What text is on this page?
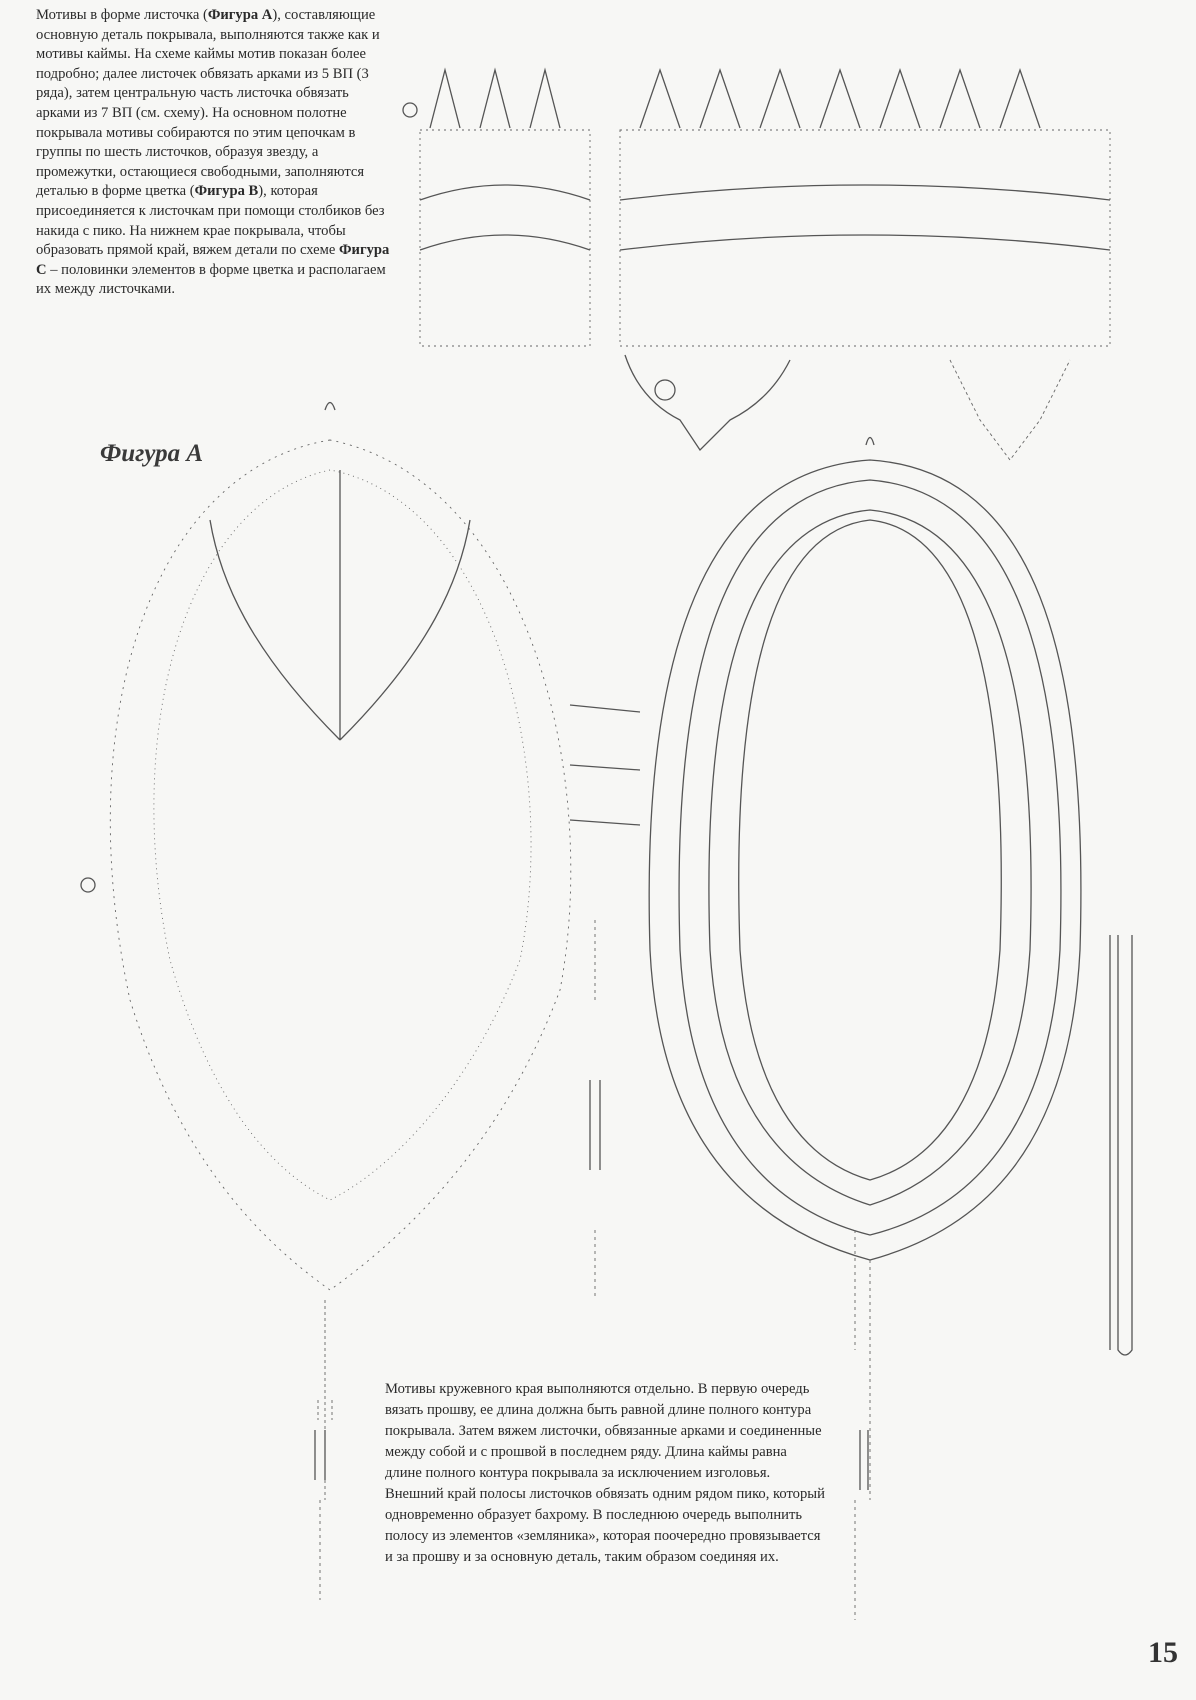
Мотивы в форме листочка (Фигура А), составляющие основную деталь покрывала, выполняются также как и мотивы каймы. На схеме каймы мотив показан более подробно; далее листочек обвязать арками из 5 ВП (3 ряда), затем центральную часть листочка обвязать арками из 7 ВП (см. схему). На основном полотне покрывала мотивы собираются по этим цепочкам в группы по шесть листочков, образуя звезду, а промежутки, остающиеся свободными, заполняются деталью в форме цветка (Фигура В), которая присоединяется к листочкам при помощи столбиков без накида с пико. На нижнем крае покрывала, чтобы образовать прямой край, вяжем детали по схеме Фигура С – половинки элементов в форме цветка и располагаем их между листочками.

Фигура А

Мотивы кружевного края выполняются отдельно. В первую очередь вязать прошву, ее длина должна быть равной длине полного контура покрывала. Затем вяжем листочки, обвязанные арками и соединенные между собой и с прошвой в последнем ряду. Длина каймы равна длине полного контура покрывала за исключением изголовья. Внешний край полосы листочков обвязать одним рядом пико, который одновременно образует бахрому. В последнюю очередь выполнить полосу из элементов «земляника», которая поочередно провязывается и за прошву и за основную деталь, таким образом соединяя их.

15
